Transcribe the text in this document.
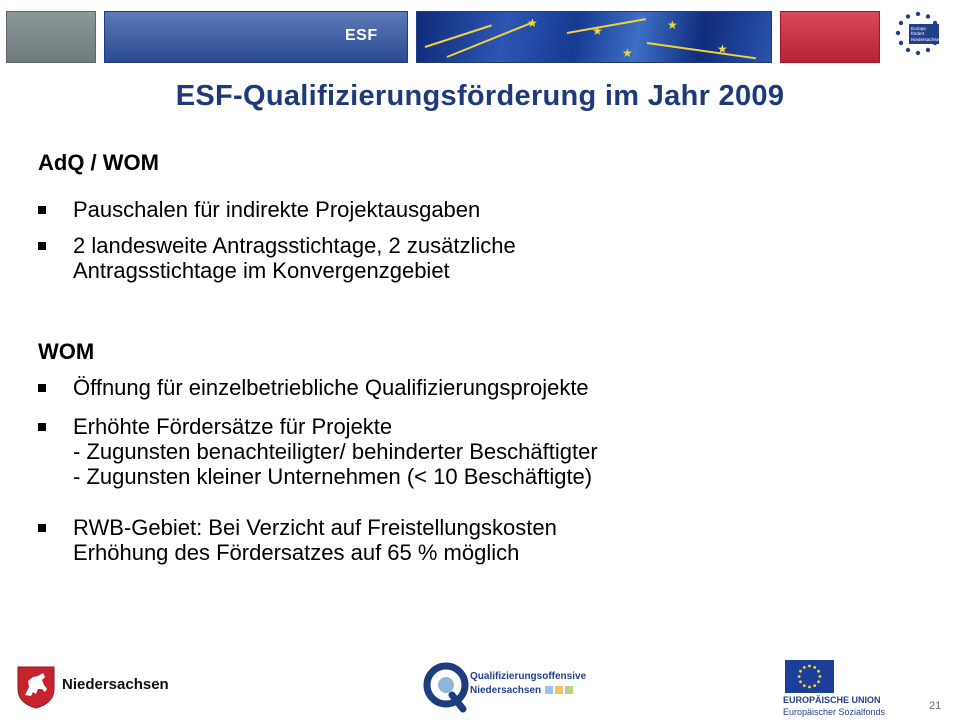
ESF
★
★	★
★
★
Europa fördert
Niedersachsen
ESF-Qualifizierungsförderung im Jahr 2009
AdQ / WOM
Pauschalen für indirekte Projektausgaben
2 landesweite Antragsstichtage, 2 zusätzliche
Antragsstichtage im Konvergenzgebiet
WOM
Öffnung für einzelbetriebliche Qualifizierungsprojekte
Erhöhte Fördersätze für Projekte
- Zugunsten benachteiligter/ behinderter Beschäftigter
- Zugunsten kleiner Unternehmen (< 10 Beschäftigte)
RWB-Gebiet: Bei Verzicht auf Freistellungskosten
Erhöhung des Fördersatzes auf 65 % möglich
Niedersachsen	Qualifizierungsoffensive
Niedersachsen
EUROPÄISCHE UNION
Europäischer Sozialfonds	21
